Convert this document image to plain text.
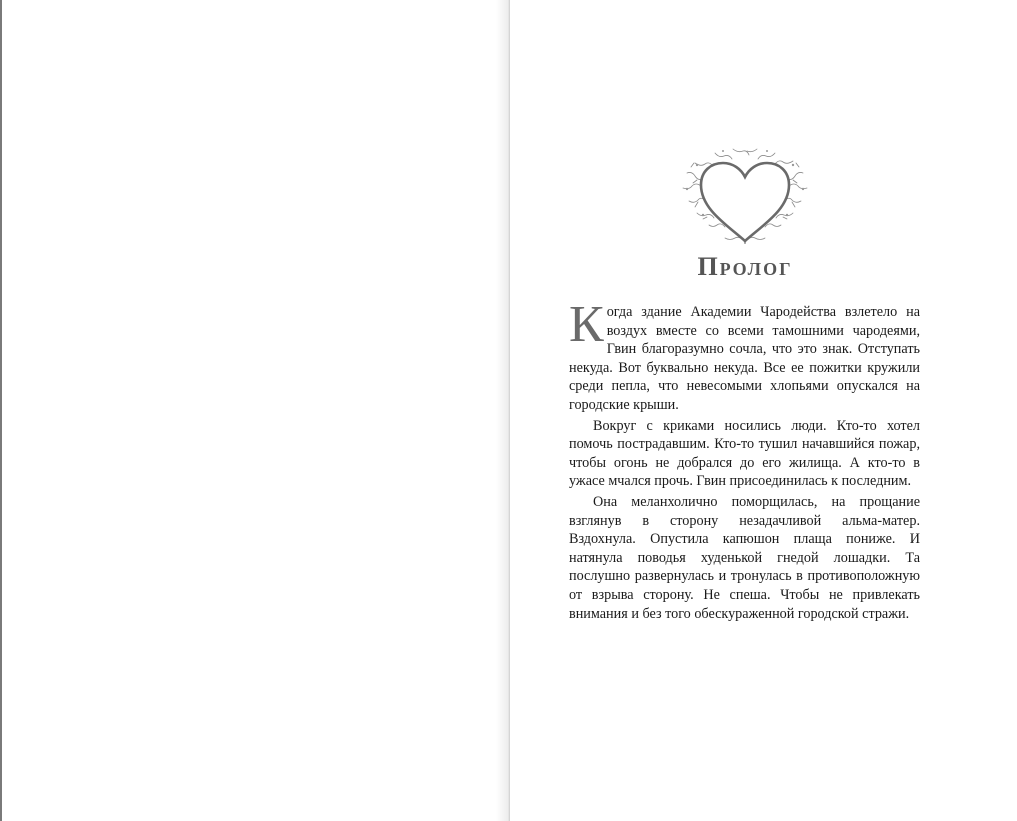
Пролог

Когда здание Академии Чародейства взлетело на воздух вместе со всеми тамошними чародеями, Гвин благоразумно сочла, что это знак. Отступать некуда. Вот буквально некуда. Все ее пожитки кружили среди пепла, что невесомыми хлопьями опускался на городские крыши.

Вокруг с криками носились люди. Кто-то хотел помочь пострадавшим. Кто-то тушил начавшийся пожар, чтобы огонь не добрался до его жилища. А кто-то в ужасе мчался прочь. Гвин присоединилась к последним.

Она меланхолично поморщилась, на прощание взглянув в сторону незадачливой альма-матер. Вздохнула. Опустила капюшон плаща пониже. И натянула поводья худенькой гнедой лошадки. Та послушно развернулась и тронулась в противоположную от взрыва сторону. Не спеша. Чтобы не привлекать внимания и без того обескураженной городской стражи.
